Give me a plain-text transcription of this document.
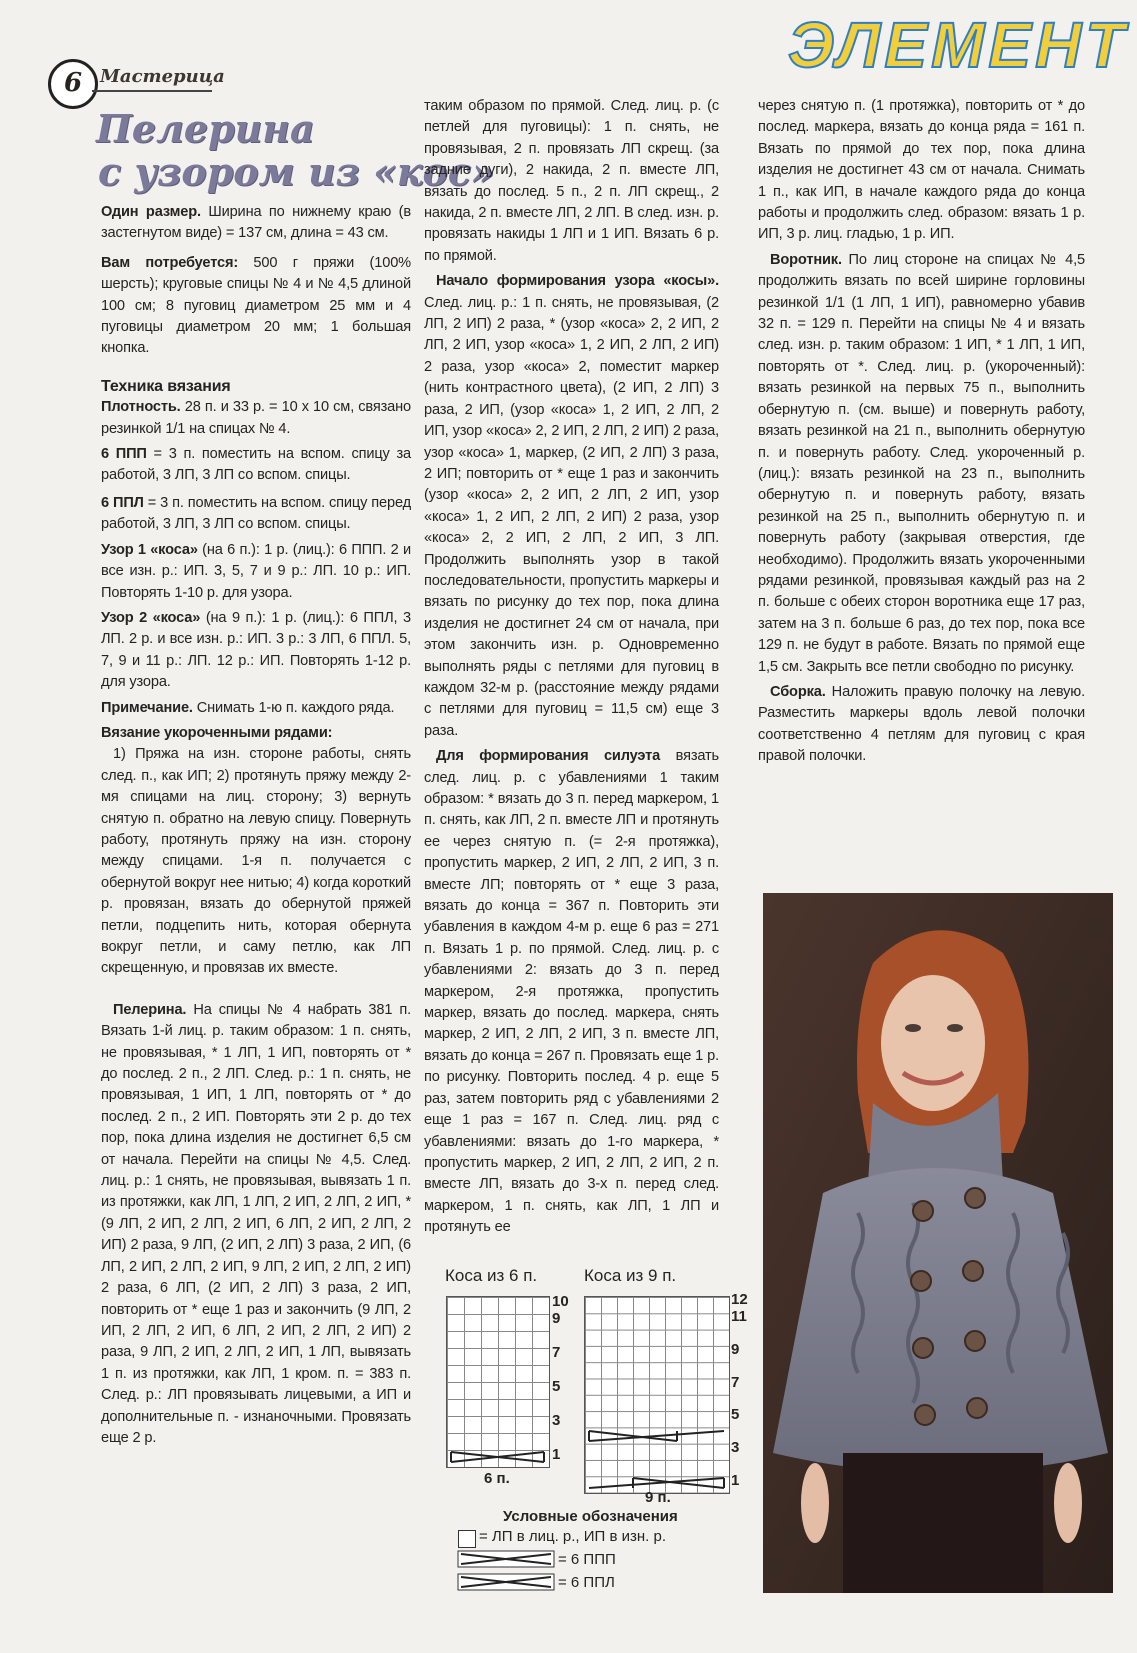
6 Мастерица	ЭЛЕМЕНТ
Пелерина
с узором из «кос»

Один размер. Ширина по нижнему краю (в застегнутом виде) = 137 см, длина = 43 см.

Вам потребуется: 500 г пряжи (100% шерсть); круговые спицы № 4 и № 4,5 длиной 100 см; 8 пуговиц диаметром 25 мм и 4 пуговицы диаметром 20 мм; 1 большая кнопка.

Техника вязания

Плотность. 28 п. и 33 р. = 10 х 10 см, связано резинкой 1/1 на спицах № 4.

6 ППП = 3 п. поместить на вспом. спицу за работой, 3 ЛП, 3 ЛП со вспом. спицы.

6 ППЛ = 3 п. поместить на вспом. спицу перед работой, 3 ЛП, 3 ЛП со вспом. спицы.

Узор 1 «коса» (на 6 п.): 1 р. (лиц.): 6 ППП. 2 и все изн. р.: ИП. 3, 5, 7 и 9 р.: ЛП. 10 р.: ИП. Повторять 1-10 р. для узора.

Узор 2 «коса» (на 9 п.): 1 р. (лиц.): 6 ППЛ, 3 ЛП. 2 р. и все изн. р.: ИП. 3 р.: 3 ЛП, 6 ППЛ. 5, 7, 9 и 11 р.: ЛП. 12 р.: ИП. Повторять 1-12 р. для узора.

Примечание. Снимать 1-ю п. каждого ряда.

Вязание укороченными рядами:

1) Пряжа на изн. стороне работы, снять след. п., как ИП; 2) протянуть пряжу между 2-мя спицами на лиц. сторону; 3) вернуть снятую п. обратно на левую спицу. Повернуть работу, протянуть пряжу на изн. сторону между спицами. 1-я п. получается с обернутой вокруг нее нитью; 4) когда короткий р. провязан, вязать до обернутой пряжей петли, подцепить нить, которая обернута вокруг петли, и саму петлю, как ЛП скрещенную, и провязав их вместе.

Пелерина. На спицы № 4 набрать 381 п. Вязать 1-й лиц. р. таким образом: 1 п. снять, не провязывая, * 1 ЛП, 1 ИП, повторять от * до послед. 2 п., 2 ЛП. След. р.: 1 п. снять, не провязывая, 1 ИП, 1 ЛП, повторять от * до послед. 2 п., 2 ИП. Повторять эти 2 р. до тех пор, пока длина изделия не достигнет 6,5 см от начала. Перейти на спицы № 4,5. След. лиц. р.: 1 снять, не провязывая, вывязать 1 п. из протяжки, как ЛП, 1 ЛП, 2 ИП, 2 ЛП, 2 ИП, * (9 ЛП, 2 ИП, 2 ЛП, 2 ИП, 6 ЛП, 2 ИП, 2 ЛП, 2 ИП) 2 раза, 9 ЛП, (2 ИП, 2 ЛП) 3 раза, 2 ИП, (6 ЛП, 2 ИП, 2 ЛП, 2 ИП, 9 ЛП, 2 ИП, 2 ЛП, 2 ИП) 2 раза, 6 ЛП, (2 ИП, 2 ЛП) 3 раза, 2 ИП, повторить от * еще 1 раз и закончить (9 ЛП, 2 ИП, 2 ЛП, 2 ИП, 6 ЛП, 2 ИП, 2 ЛП, 2 ИП) 2 раза, 9 ЛП, 2 ИП, 2 ЛП, 2 ИП, 1 ЛП, вывязать 1 п. из протяжки, как ЛП, 1 кром. п. = 383 п. След. р.: ЛП провязывать лицевыми, а ИП и дополнительные п. - изнаночными. Провязать еще 2 р.

таким образом по прямой. След. лиц. р. (с петлей для пуговицы): 1 п. снять, не провязывая, 2 п. провязать ЛП скрещ. (за задние дуги), 2 накида, 2 п. вместе ЛП, вязать до послед. 5 п., 2 п. ЛП скрещ., 2 накида, 2 п. вместе ЛП, 2 ЛП. В след. изн. р. провязать накиды 1 ЛП и 1 ИП. Вязать 6 р. по прямой.

Начало формирования узора «косы». След. лиц. р.: 1 п. снять, не провязывая, (2 ЛП, 2 ИП) 2 раза, * (узор «коса» 2, 2 ИП, 2 ЛП, 2 ИП, узор «коса» 1, 2 ИП, 2 ЛП, 2 ИП) 2 раза, узор «коса» 2, поместит маркер (нить контрастного цвета), (2 ИП, 2 ЛП) 3 раза, 2 ИП, (узор «коса» 1, 2 ИП, 2 ЛП, 2 ИП, узор «коса» 2, 2 ИП, 2 ЛП, 2 ИП) 2 раза, узор «коса» 1, маркер, (2 ИП, 2 ЛП) 3 раза, 2 ИП; повторить от * еще 1 раз и закончить (узор «коса» 2, 2 ИП, 2 ЛП, 2 ИП, узор «коса» 1, 2 ИП, 2 ЛП, 2 ИП) 2 раза, узор «коса» 2, 2 ИП, 2 ЛП, 2 ИП, 3 ЛП. Продолжить выполнять узор в такой последовательности, пропустить маркеры и вязать по рисунку до тех пор, пока длина изделия не достигнет 24 см от начала, при этом закончить изн. р. Одновременно выполнять ряды с петлями для пуговиц в каждом 32-м р. (расстояние между рядами с петлями для пуговиц = 11,5 см) еще 3 раза.

Для формирования силуэта вязать след. лиц. р. с убавлениями 1 таким образом: * вязать до 3 п. перед маркером, 1 п. снять, как ЛП, 2 п. вместе ЛП и протянуть ее через снятую п. (= 2-я протяжка), пропустить маркер, 2 ИП, 2 ЛП, 2 ИП, 3 п. вместе ЛП; повторять от * еще 3 раза, вязать до конца = 367 п. Повторить эти убавления в каждом 4-м р. еще 6 раз = 271 п. Вязать 1 р. по прямой. След. лиц. р. с убавлениями 2: вязать до 3 п. перед маркером, 2-я протяжка, пропустить маркер, вязать до послед. маркера, снять маркер, 2 ИП, 2 ЛП, 2 ИП, 3 п. вместе ЛП, вязать до конца = 267 п. Провязать еще 1 р. по рисунку. Повторить послед. 4 р. еще 5 раз, затем повторить ряд с убавлениями 2 еще 1 раз = 167 п. След. лиц. ряд с убавлениями: вязать до 1-го маркера, * пропустить маркер, 2 ИП, 2 ЛП, 2 ИП, 2 п. вместе ЛП, вязать до 3-х п. перед след. маркером, 1 п. снять, как ЛП, 1 ЛП и протянуть ее

через снятую п. (1 протяжка), повторить от * до послед. маркера, вязать до конца ряда = 161 п. Вязать по прямой до тех пор, пока длина изделия не достигнет 43 см от начала. Снимать 1 п., как ИП, в начале каждого ряда до конца работы и продолжить след. образом: вязать 1 р. ИП, 3 р. лиц. гладью, 1 р. ИП.

Воротник. По лиц стороне на спицах № 4,5 продолжить вязать по всей ширине горловины резинкой 1/1 (1 ЛП, 1 ИП), равномерно убавив 32 п. = 129 п. Перейти на спицы № 4 и вязать след. изн. р. таким образом: 1 ИП, * 1 ЛП, 1 ИП, повторять от *. След. лиц. р. (укороченный): вязать резинкой на первых 75 п., выполнить обернутую п. (см. выше) и повернуть работу, вязать резинкой на 21 п., выполнить обернутую п. и повернуть работу. След. укороченный р. (лиц.): вязать резинкой на 23 п., выполнить обернутую п. и повернуть работу, вязать резинкой на 25 п., выполнить обернутую п. и повернуть работу (закрывая отверстия, где необходимо). Продолжить вязать укороченными рядами резинкой, провязывая каждый раз на 2 п. больше с обеих сторон воротника еще 17 раз, затем на 3 п. больше 6 раз, до тех пор, пока все 129 п. не будут в работе. Вязать по прямой еще 1,5 см. Закрыть все петли свободно по рисунку.

Сборка. Наложить правую полочку на левую. Разместить маркеры вдоль левой полочки соответственно 4 петлям для пуговиц с края правой полочки.

Коса из 6 п.	Коса из 9 п.
10
9
7
5
3
1
6 п.
12
11
9
7
5
3
1
9 п.
Условные обозначения
= ЛП в лиц. р., ИП в изн. р.
= 6 ППП
= 6 ППЛ
